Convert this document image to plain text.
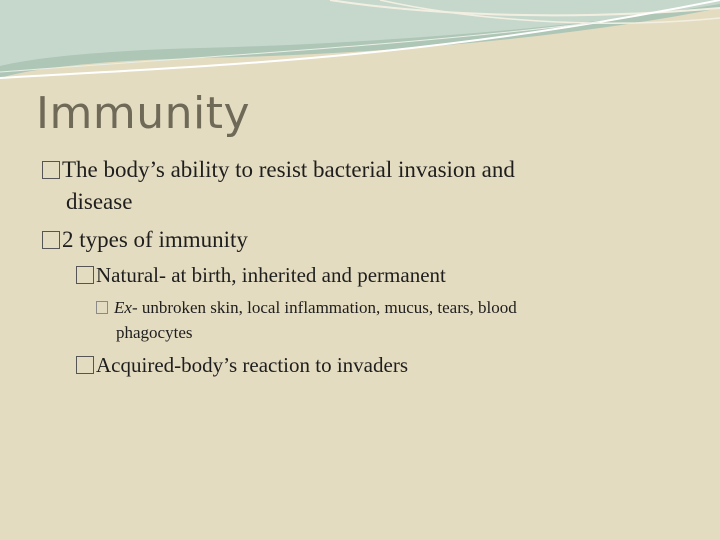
Immunity
The body’s ability to resist bacterial invasion and
disease
2 types of immunity
Natural- at birth, inherited and permanent
Ex- unbroken skin, local inflammation, mucus, tears, blood
phagocytes
Acquired-body’s reaction to invaders
